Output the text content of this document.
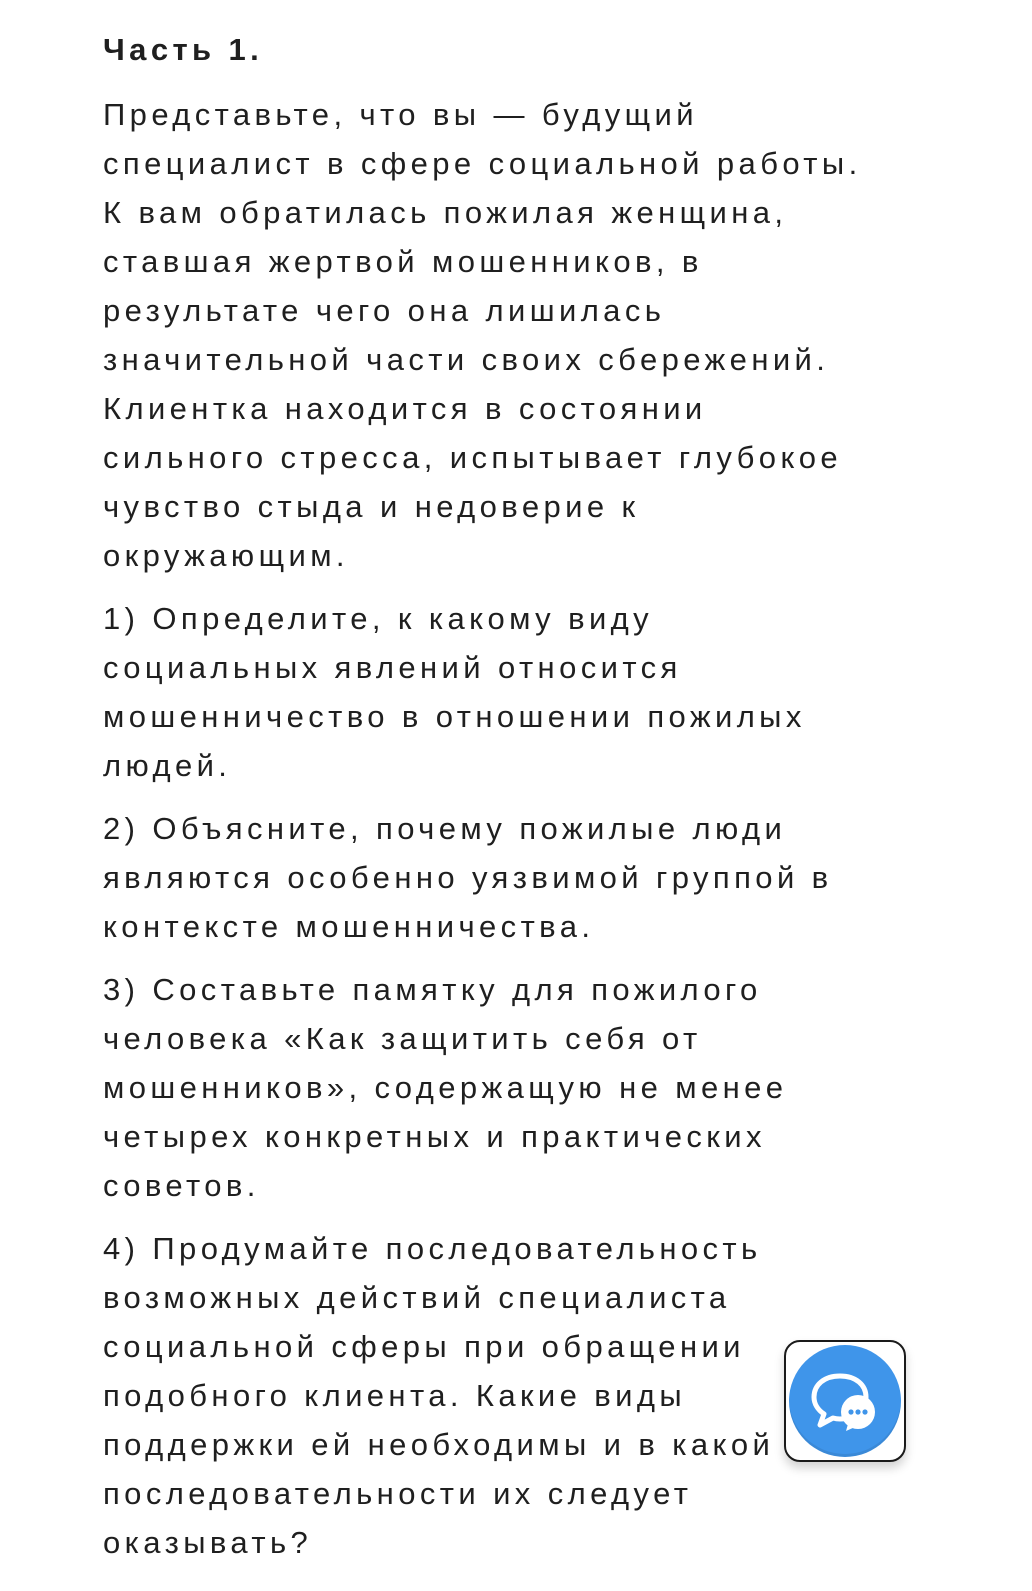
Часть 1.

Представьте, что вы — будущий специалист в сфере социальной работы. К вам обратилась пожилая женщина, ставшая жертвой мошенников, в результате чего она лишилась значительной части своих сбережений. Клиентка находится в состоянии сильного стресса, испытывает глубокое чувство стыда и недоверие к окружающим.

1) Определите, к какому виду социальных явлений относится мошенничество в отношении пожилых людей.

2) Объясните, почему пожилые люди являются особенно уязвимой группой в контексте мошенничества.

3) Составьте памятку для пожилого человека «Как защитить себя от мошенников», содержащую не менее четырех конкретных и практических советов.

4) Продумайте последовательность возможных действий специалиста социальной сферы при обращении подобного клиента. Какие виды поддержки ей необходимы и в какой последовательности их следует оказывать?
